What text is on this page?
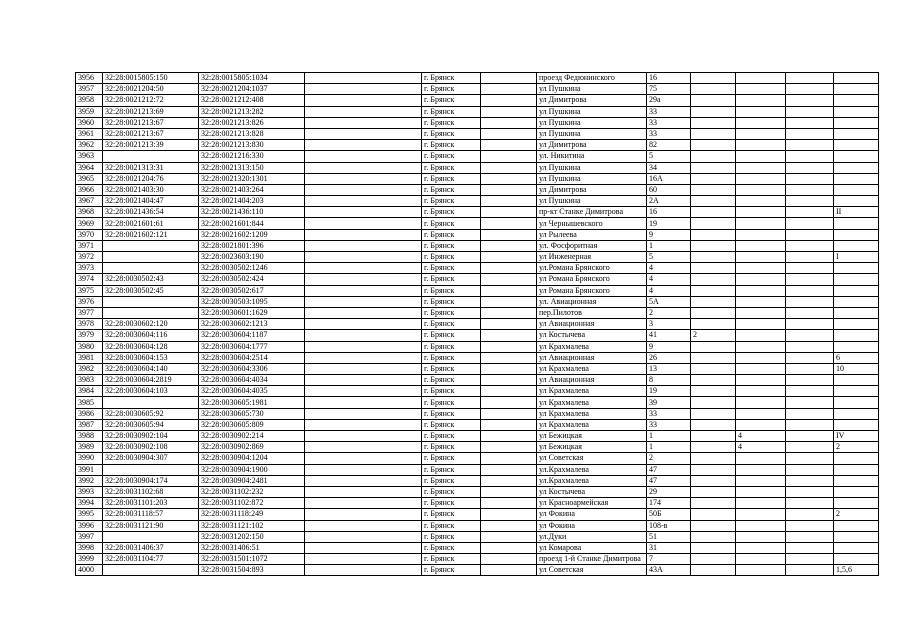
3956	32:28:0015805:150	32:28:0015805:1034		г. Брянск		проезд Федюнинского	16				
3957	32:28:0021204:50	32:28:0021204:1037		г. Брянск		ул Пушкина	75				
3958	32:28:0021212:72	32:28:0021212:408		г. Брянск		ул Димитрова	29а				
3959	32:28:0021213:69	32:28:0021213:282		г. Брянск		ул Пушкина	33				
3960	32:28:0021213:67	32:28:0021213:826		г. Брянск		ул Пушкина	33				
3961	32:28:0021213:67	32:28:0021213:828		г. Брянск		ул Пушкина	33				
3962	32:28:0021213:39	32:28:0021213:830		г. Брянск		ул Димитрова	82				
3963		32:28:0021216:330		г. Брянск		ул. Никитина	5				
3964	32:28:0021313:31	32:28:0021313:150		г. Брянск		ул Пушкина	34				
3965	32:28:0021204:76	32:28:0021320:1301		г. Брянск		ул Пушкина	16А				
3966	32:28:0021403:30	32:28:0021403:264		г. Брянск		ул Димитрова	60				
3967	32:28:0021404:47	32:28:0021404:203		г. Брянск		ул Пушкина	2А				
3968	32:28:0021436:54	32:28:0021436:110		г. Брянск		пр-кт Станке Димитрова	16				II
3969	32:28:0021601:61	32:28:0021601:844		г. Брянск		ул Чернышевского	19				
3970	32:28:0021602:121	32:28:0021602:1209		г. Брянск		ул Рылеева	9				
3971		32:28:0021801:396		г. Брянск		ул. Фосфоритная	1				
3972		32:28:0023603:190		г. Брянск		ул Инженерная	5				I
3973		32:28:0030502:1246		г. Брянск		ул.Романа Брянского	4				
3974	32:28:0030502:43	32:28:0030502:424		г. Брянск		ул Романа Брянского	4				
3975	32:28:0030502:45	32:28:0030502:617		г. Брянск		ул Романа Брянского	4				
3976		32:28:0030503:1095		г. Брянск		ул. Авиационная	5А				
3977		32:28:0030601:1629		г. Брянск		пер.Пилотов	2				
3978	32:28:0030602:120	32:28:0030602:1213		г. Брянск		ул Авиационная	3				
3979	32:28:0030604:116	32:28:0030604:1187		г. Брянск		ул Костычева	41	2			
3980	32:28:0030604:128	32:28:0030604:1777		г. Брянск		ул Крахмалева	9				
3981	32:28:0030604:153	32:28:0030604:2514		г. Брянск		ул Авиационная	26				6
3982	32:28:0030604:140	32:28:0030604:3306		г. Брянск		ул Крахмалева	13				10
3983	32:28:0030604:2819	32:28:0030604:4034		г. Брянск		ул Авиационная	8				
3984	32:28:0030604:103	32:28:0030604:4035		г. Брянск		ул Крахмалева	19				
3985		32:28:0030605:1981		г. Брянск		ул Крахмалева	39				
3986	32:28:0030605:92	32:28:0030605:730		г. Брянск		ул Крахмалева	33				
3987	32:28:0030605:94	32:28:0030605:809		г. Брянск		ул Крахмалева	33				
3988	32:28:0030902:104	32:28:0030902:214		г. Брянск		ул Бежицкая	1		4		IV
3989	32:28:0030902:108	32:28:0030902:869		г. Брянск		ул Бежицкая	1		4		2
3990	32:28:0030904:307	32:28:0030904:1204		г. Брянск		ул Советская	2				
3991		32:28:0030904:1900		г. Брянск		ул.Крахмалева	47				
3992	32:28:0030904:174	32:28:0030904:2481		г. Брянск		ул.Крахмалева	47				
3993	32:28:0031102:68	32:28:0031102:232		г. Брянск		ул Костычева	29				
3994	32:28:0031101:203	32:28:0031102:872		г. Брянск		ул Красноармейская	174				
3995	32:28:0031118:57	32:28:0031118:249		г. Брянск		ул Фокина	50Б				2
3996	32:28:0031121:90	32:28:0031121:102		г. Брянск		ул Фокина	108-в				
3997		32:28:0031202:150		г. Брянск		ул.Дуки	51				
3998	32:28:0031406:37	32:28:0031406:51		г. Брянск		ул Комарова	31				
3999	32:28:0031104:77	32:28:0031501:1072		г. Брянск		проезд 1-й Станке Димитрова	7				
4000		32:28:0031504:893		г. Брянск		ул Советская	43А				1,5,6
